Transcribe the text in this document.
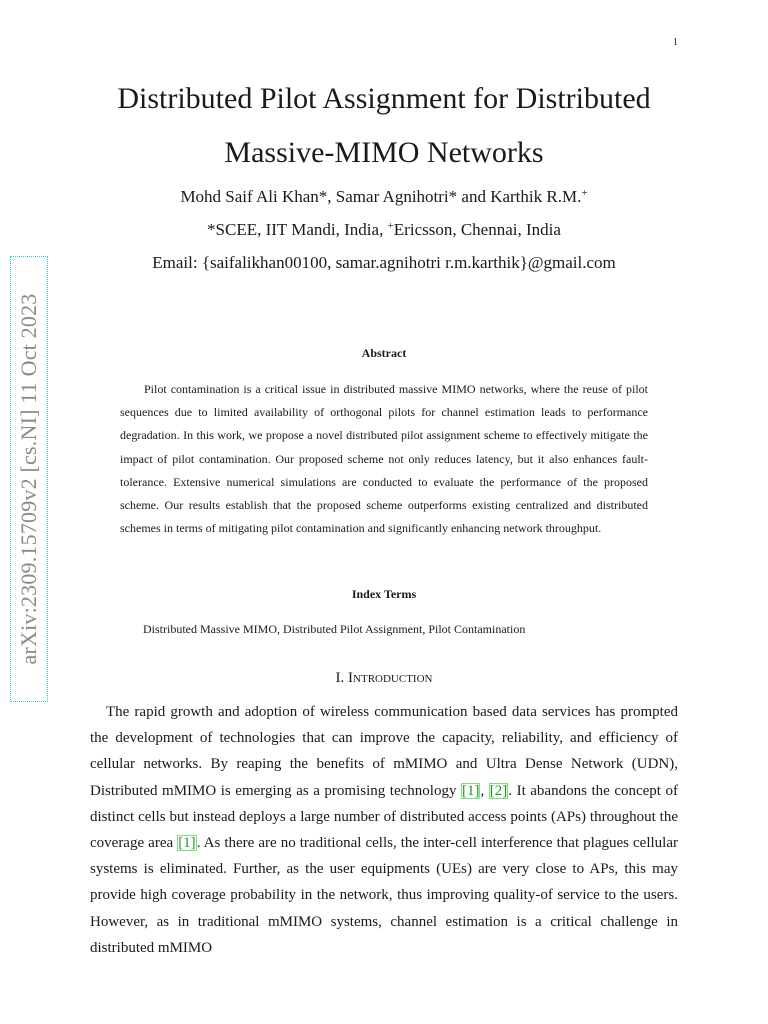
1
arXiv:2309.15709v2 [cs.NI] 11 Oct 2023
Distributed Pilot Assignment for Distributed
Massive-MIMO Networks
Mohd Saif Ali Khan*, Samar Agnihotri* and Karthik R.M.+
*SCEE, IIT Mandi, India, +Ericsson, Chennai, India
Email: {saifalikhan00100, samar.agnihotri r.m.karthik}@gmail.com
Abstract

Pilot contamination is a critical issue in distributed massive MIMO networks, where the reuse of pilot sequences due to limited availability of orthogonal pilots for channel estimation leads to performance degradation. In this work, we propose a novel distributed pilot assignment scheme to effectively mitigate the impact of pilot contamination. Our proposed scheme not only reduces latency, but it also enhances fault-tolerance. Extensive numerical simulations are conducted to evaluate the performance of the proposed scheme. Our results establish that the proposed scheme outperforms existing centralized and distributed schemes in terms of mitigating pilot contamination and significantly enhancing network throughput.

Index Terms
Distributed Massive MIMO, Distributed Pilot Assignment, Pilot Contamination
I. Introduction

The rapid growth and adoption of wireless communication based data services has prompted the development of technologies that can improve the capacity, reliability, and efficiency of cellular networks. By reaping the benefits of mMIMO and Ultra Dense Network (UDN), Distributed mMIMO is emerging as a promising technology [1], [2]. It abandons the concept of distinct cells but instead deploys a large number of distributed access points (APs) throughout the coverage area [1]. As there are no traditional cells, the inter-cell interference that plagues cellular systems is eliminated. Further, as the user equipments (UEs) are very close to APs, this may provide high coverage probability in the network, thus improving quality-of service to the users. However, as in traditional mMIMO systems, channel estimation is a critical challenge in distributed mMIMO
